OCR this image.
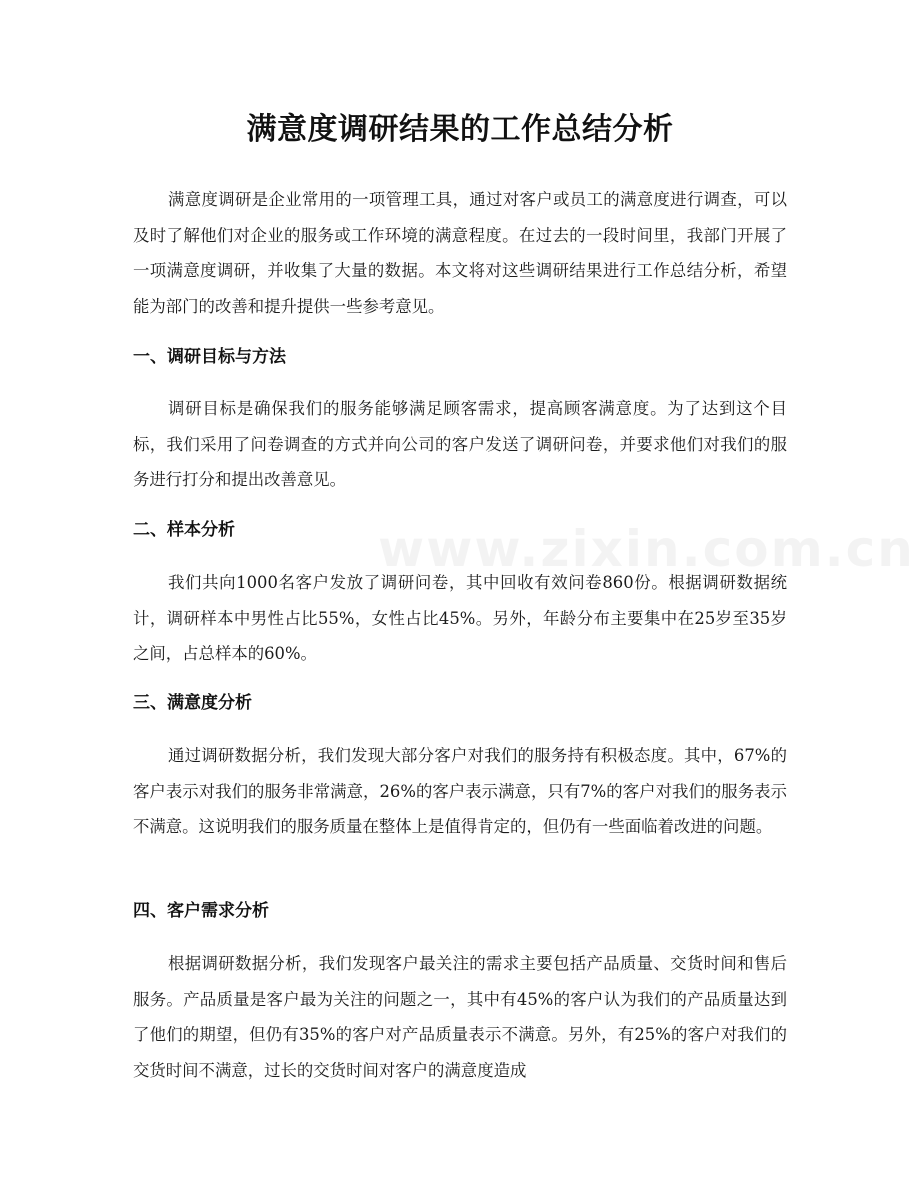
满意度调研结果的工作总结分析

满意度调研是企业常用的一项管理工具，通过对客户或员工的满意度进行调查，可以及时了解他们对企业的服务或工作环境的满意程度。在过去的一段时间里，我部门开展了一项满意度调研，并收集了大量的数据。本文将对这些调研结果进行工作总结分析，希望能为部门的改善和提升提供一些参考意见。

一、调研目标与方法

调研目标是确保我们的服务能够满足顾客需求，提高顾客满意度。为了达到这个目标，我们采用了问卷调查的方式并向公司的客户发送了调研问卷，并要求他们对我们的服务进行打分和提出改善意见。

二、样本分析

我们共向1000名客户发放了调研问卷，其中回收有效问卷860份。根据调研数据统计，调研样本中男性占比55%，女性占比45%。另外，年龄分布主要集中在25岁至35岁之间，占总样本的60%。

三、满意度分析

通过调研数据分析，我们发现大部分客户对我们的服务持有积极态度。其中，67%的客户表示对我们的服务非常满意，26%的客户表示满意，只有7%的客户对我们的服务表示不满意。这说明我们的服务质量在整体上是值得肯定的，但仍有一些面临着改进的问题。

四、客户需求分析

根据调研数据分析，我们发现客户最关注的需求主要包括产品质量、交货时间和售后服务。产品质量是客户最为关注的问题之一，其中有45%的客户认为我们的产品质量达到了他们的期望，但仍有35%的客户对产品质量表示不满意。另外，有25%的客户对我们的交货时间不满意，过长的交货时间对客户的满意度造成
